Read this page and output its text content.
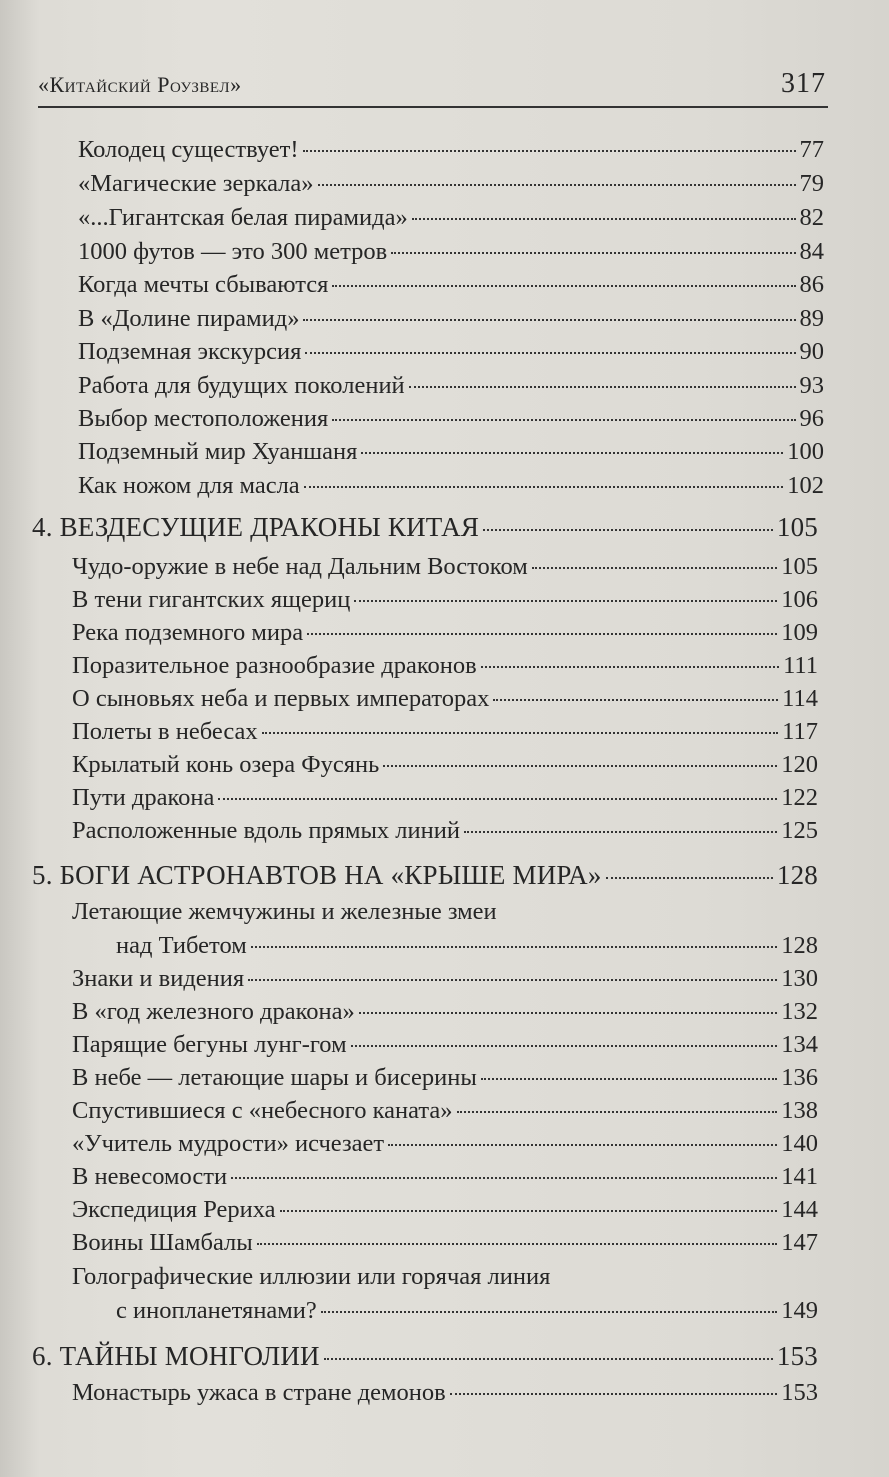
«Китайский Роузвел»	317
Колодец существует!	77
«Магические зеркала»	79
«...Гигантская белая пирамида»	82
1000 футов — это 300 метров	84
Когда мечты сбываются	86
В «Долине пирамид»	89
Подземная экскурсия	90
Работа для будущих поколений	93
Выбор местоположения	96
Подземный мир Хуаншаня	100
Как ножом для масла	102
4. ВЕЗДЕСУЩИЕ ДРАКОНЫ КИТАЯ	105
Чудо-оружие в небе над Дальним Востоком	105
В тени гигантских ящериц	106
Река подземного мира	109
Поразительное разнообразие драконов	111
О сыновьях неба и первых императорах	114
Полеты в небесах	117
Крылатый конь озера Фусянь	120
Пути дракона	122
Расположенные вдоль прямых линий	125
5. БОГИ АСТРОНАВТОВ НА «КРЫШЕ МИРА»	128
Летающие жемчужины и железные змеи
над Тибетом	128
Знаки и видения	130
В «год железного дракона»	132
Парящие бегуны лунг-гом	134
В небе — летающие шары и бисерины	136
Спустившиеся с «небесного каната»	138
«Учитель мудрости» исчезает	140
В невесомости	141
Экспедиция Рериха	144
Воины Шамбалы	147
Голографические иллюзии или горячая линия
с инопланетянами?	149
6. ТАЙНЫ МОНГОЛИИ	153
Монастырь ужаса в стране демонов	153
